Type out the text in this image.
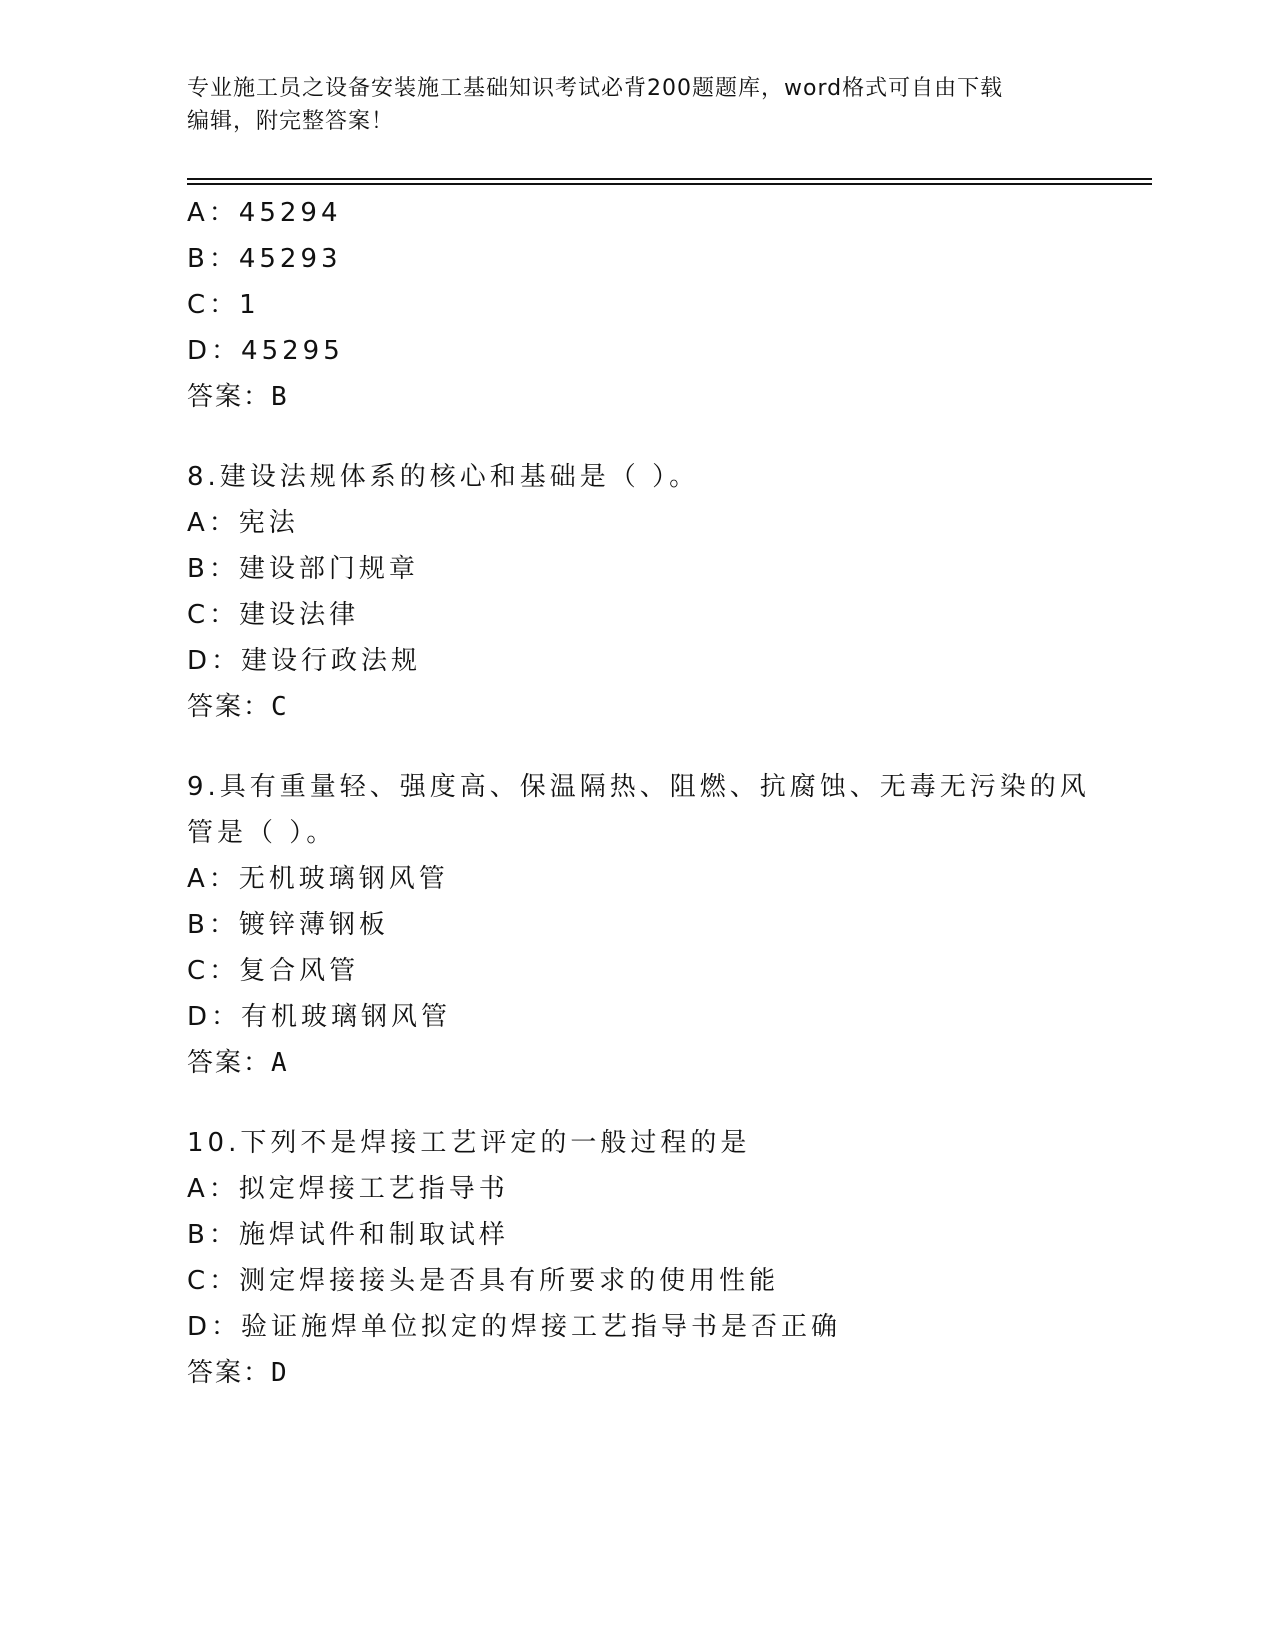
专业施工员之设备安装施工基础知识考试必背200题题库，word格式可自由下载
编辑，附完整答案！
A：45294
B：45293
C：1
D：45295
答案：B
8.建设法规体系的核心和基础是（ ）。
A：宪法
B：建设部门规章
C：建设法律
D：建设行政法规
答案：C
9.具有重量轻、强度高、保温隔热、阻燃、抗腐蚀、无毒无污染的风
管是（ ）。
A：无机玻璃钢风管
B：镀锌薄钢板
C：复合风管
D：有机玻璃钢风管
答案：A
10.下列不是焊接工艺评定的一般过程的是
A：拟定焊接工艺指导书
B：施焊试件和制取试样
C：测定焊接接头是否具有所要求的使用性能
D：验证施焊单位拟定的焊接工艺指导书是否正确
答案：D
